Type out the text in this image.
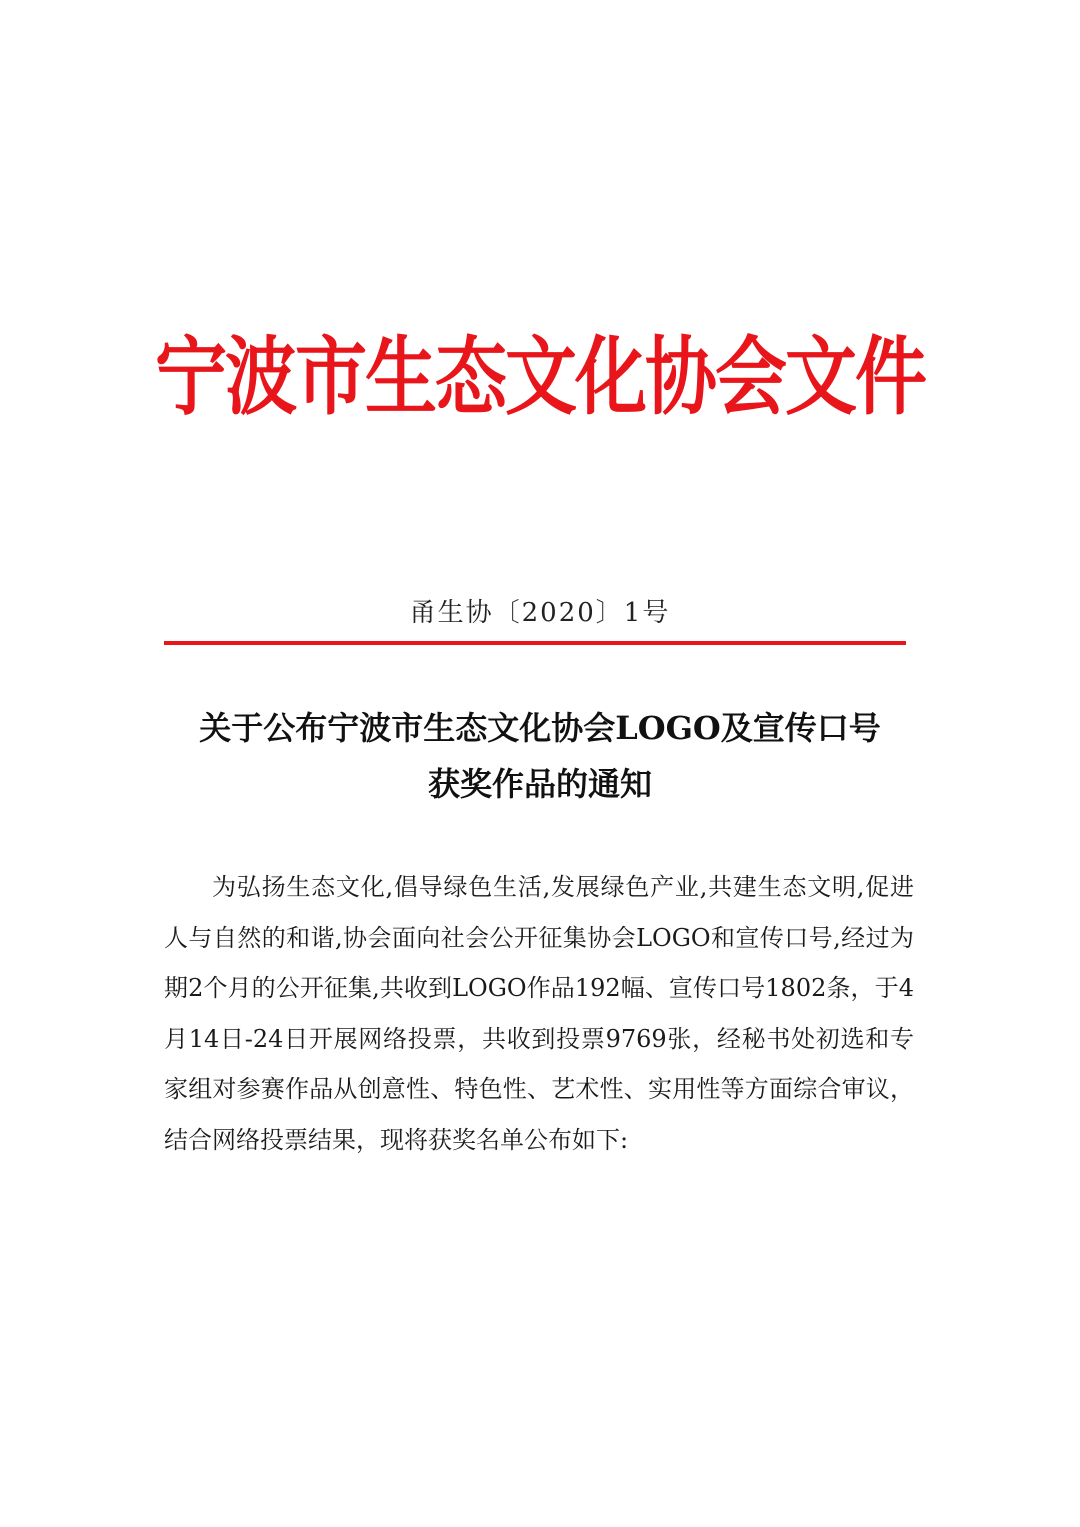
宁波市生态文化协会文件
甬生协〔2020〕1号
关于公布宁波市生态文化协会LOGO及宣传口号
获奖作品的通知

为弘扬生态文化,倡导绿色生活,发展绿色产业,共建生态文明,促进人与自然的和谐,协会面向社会公开征集协会LOGO和宣传口号,经过为期2个月的公开征集,共收到LOGO作品192幅、宣传口号1802条，于4月14日-24日开展网络投票，共收到投票9769张，经秘书处初选和专家组对参赛作品从创意性、特色性、艺术性、实用性等方面综合审议，结合网络投票结果，现将获奖名单公布如下:
